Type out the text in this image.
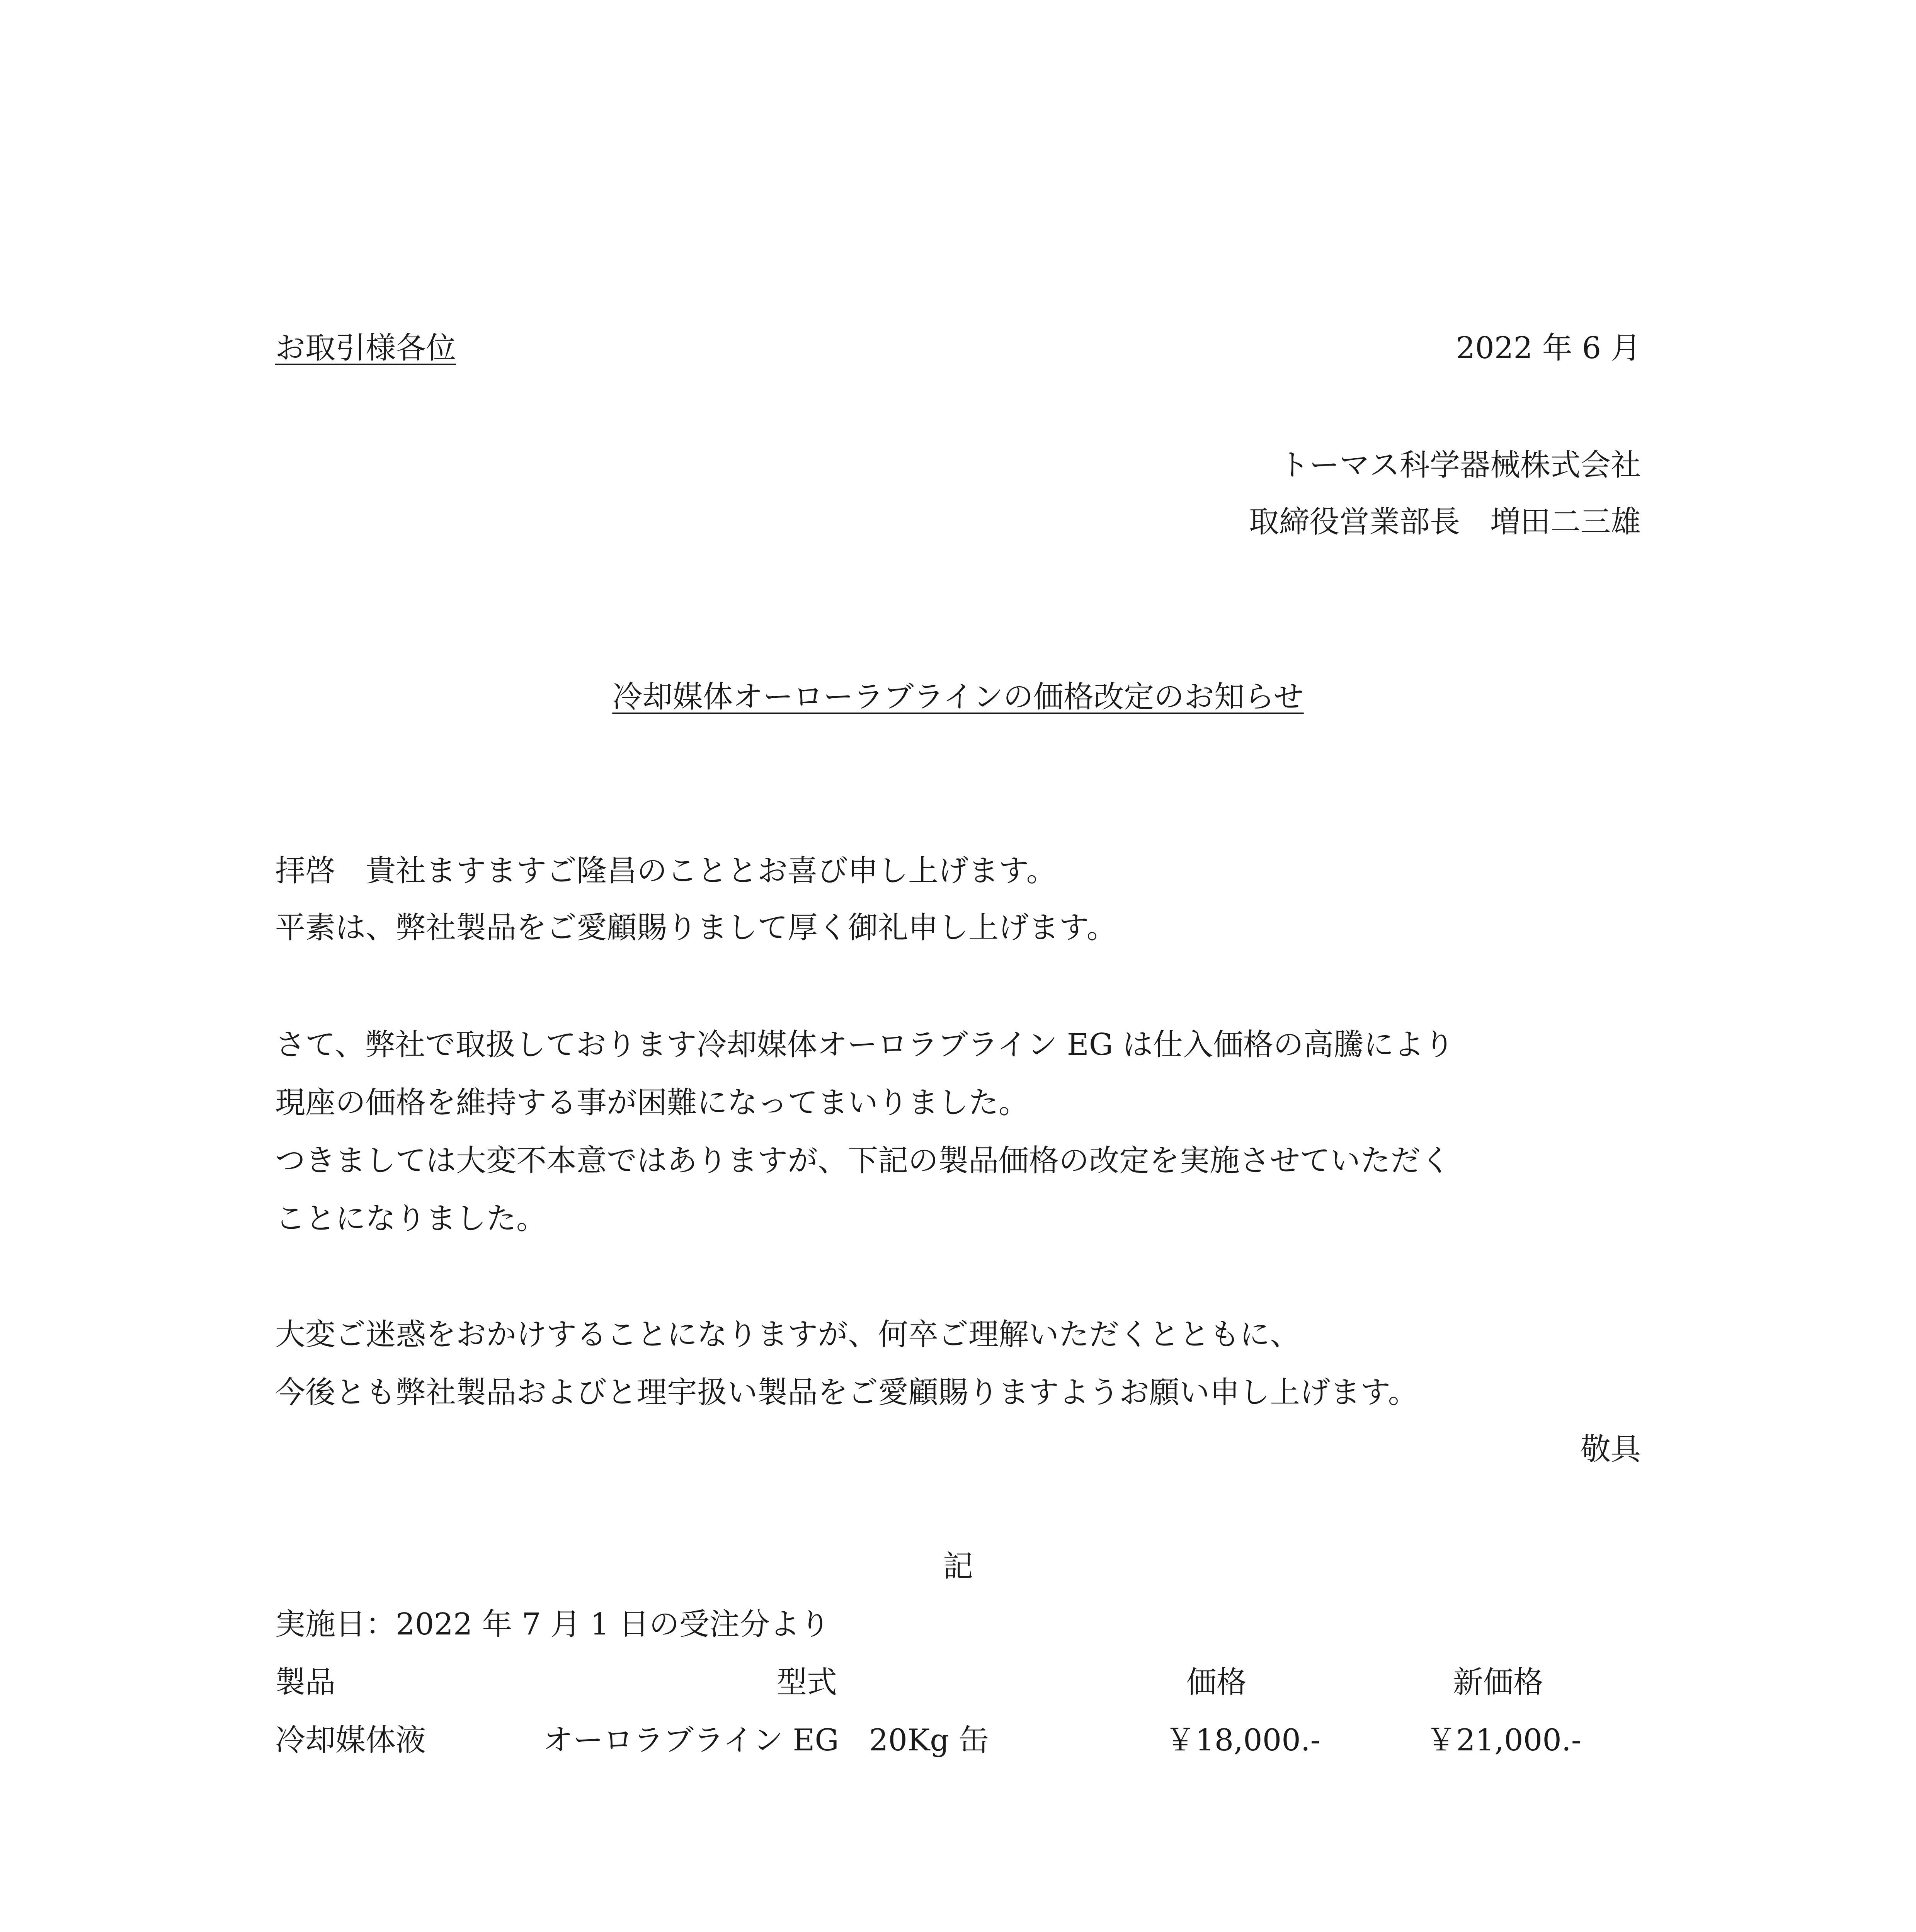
お取引様各位	2022 年 6 月

トーマス科学器械株式会社

取締役営業部長　増田二三雄

冷却媒体オーローラブラインの価格改定のお知らせ

拝啓　貴社ますますご隆昌のこととお喜び申し上げます。

平素は、弊社製品をご愛顧賜りまして厚く御礼申し上げます。

さて、弊社で取扱しております冷却媒体オーロラブライン EG は仕入価格の高騰により

現座の価格を維持する事が困難になってまいりました。

つきましては大変不本意ではありますが、下記の製品価格の改定を実施させていただく

ことになりました。

大変ご迷惑をおかけすることになりますが、何卒ご理解いただくとともに、

今後とも弊社製品およびと理宇扱い製品をご愛顧賜りますようお願い申し上げます。

敬具

記

実施日：2022 年 7 月 1 日の受注分より

製品	型式	価格	新価格

冷却媒体液	オーロラブライン EG　20Kg 缶	￥18,000.-	￥21,000.-
